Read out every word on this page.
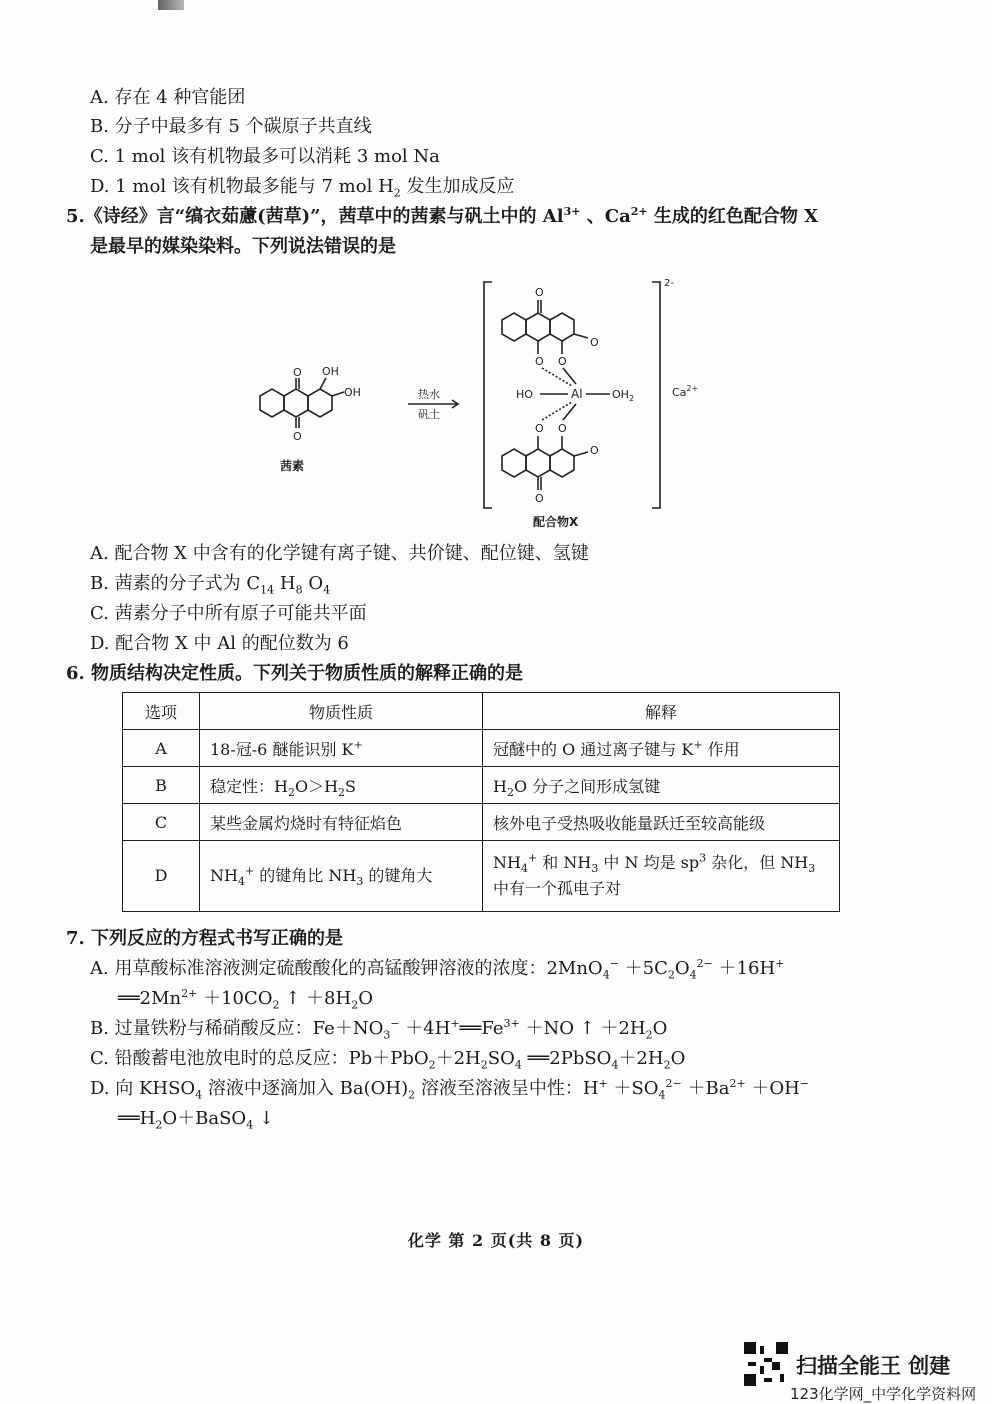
A. 存在 4 种官能团
B. 分子中最多有 5 个碳原子共直线
C. 1 mol 该有机物最多可以消耗 3 mol Na
D. 1 mol 该有机物最多能与 7 mol $H_2$ 发生加成反应
5.《诗经》言“缟衣茹藘(茜草)”，茜草中的茜素与矾土中的 $Al^{3+}$ 、$Ca^{2+}$ 生成的红色配合物 X
是最早的媒染染料。下列说法错误的是
O
O
OH
OH
茜素
热水
矾土
2-
$Ca^{2+}$
O
O O
O
Al
HO	$OH_2$
O O
O
O
配合物X
A. 配合物 X 中含有的化学键有离子键、共价键、配位键、氢键
B. 茜素的分子式为 $C_{14}$ $H_8$ $O_4$
C. 茜素分子中所有原子可能共平面
D. 配合物 X 中 Al 的配位数为 6
6. 物质结构决定性质。下列关于物质性质的解释正确的是
选项	物质性质	解释
A	18-冠-6 醚能识别 K+	冠醚中的 O 通过离子键与 K+ 作用
B	稳定性：$H_2O>H_2S$	$H_2O$ 分子之间形成氢键
C	某些金属灼烧时有特征焰色	核外电子受热吸收能量跃迁至较高能级
D	$NH_4^+$ 的键角比 $NH_3$ 的键角大	$NH_4^+$ 和 $NH_3$ 中 N 均是 $sp^3$ 杂化，但 $NH_3$
中有一个孤电子对
7. 下列反应的方程式书写正确的是
A. 用草酸标准溶液测定硫酸酸化的高锰酸钾溶液的浓度：$2MnO_4^- +5C_2O_4^{2-} +16H^+$
$══2Mn^{2+} +10CO_2$ ↑ $+8H_2O$
B. 过量铁粉与稀硝酸反应：$Fe+NO_3^-$ $+4H^+══Fe^{3+} +NO$ ↑ $+2H_2O$
C. 铅酸蓄电池放电时的总反应：$Pb+PbO_2+2H_2SO_4$ $══2PbSO_4+2H_2O$
D. 向 $KHSO_4$ 溶液中逐滴加入 $Ba(OH)_2$ 溶液至溶液呈中性：$H^+ +SO_4^{2-} +Ba^{2+} +OH^-$
$══H_2O+BaSO_4$ ↓
化学 第 2 页(共 8 页)
扫描全能王 创建
123化学网_中学化学资料网
